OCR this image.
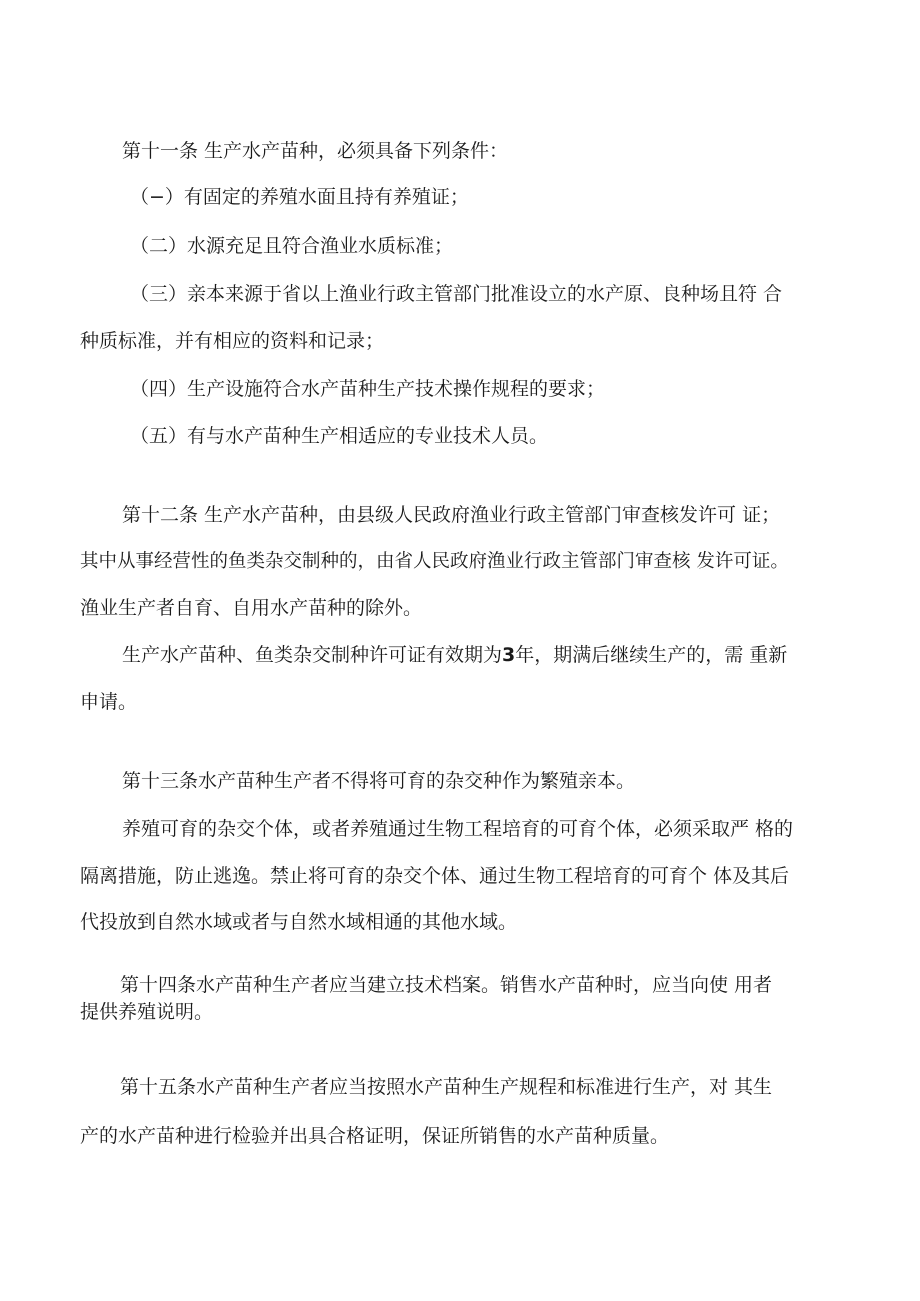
第十一条 生产水产苗种，必须具备下列条件：
（−）有固定的养殖水面且持有养殖证；
（二）水源充足且符合渔业水质标准；
（三）亲本来源于省以上渔业行政主管部门批准设立的水产原、良种场且符 合
种质标准，并有相应的资料和记录；
（四）生产设施符合水产苗种生产技术操作规程的要求；
（五）有与水产苗种生产相适应的专业技术人员。
第十二条 生产水产苗种，由县级人民政府渔业行政主管部门审查核发许可 证；
其中从事经营性的鱼类杂交制种的，由省人民政府渔业行政主管部门审查核 发许可证。
渔业生产者自育、自用水产苗种的除外。
生产水产苗种、鱼类杂交制种许可证有效期为3年，期满后继续生产的，需 重新
申请。
第十三条水产苗种生产者不得将可育的杂交种作为繁殖亲本。
养殖可育的杂交个体，或者养殖通过生物工程培育的可育个体，必须采取严 格的
隔离措施，防止逃逸。禁止将可育的杂交个体、通过生物工程培育的可育个 体及其后
代投放到自然水域或者与自然水域相通的其他水域。
第十四条水产苗种生产者应当建立技术档案。销售水产苗种时，应当向使 用者
提供养殖说明。
第十五条水产苗种生产者应当按照水产苗种生产规程和标准进行生产，对 其生
产的水产苗种进行检验并出具合格证明，保证所销售的水产苗种质量。
